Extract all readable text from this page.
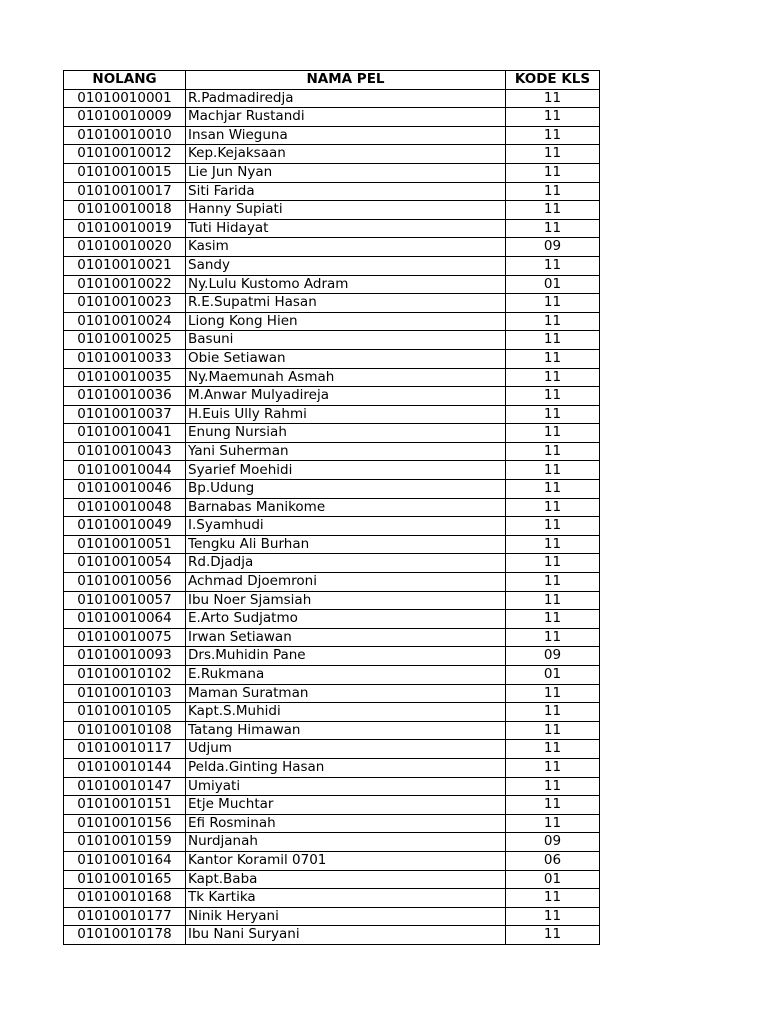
NOLANG	NAMA PEL	KODE KLS
01010010001	R.Padmadiredja	11
01010010009	Machjar Rustandi	11
01010010010	Insan Wieguna	11
01010010012	Kep.Kejaksaan	11
01010010015	Lie Jun Nyan	11
01010010017	Siti Farida	11
01010010018	Hanny Supiati	11
01010010019	Tuti Hidayat	11
01010010020	Kasim	09
01010010021	Sandy	11
01010010022	Ny.Lulu Kustomo Adram	01
01010010023	R.E.Supatmi Hasan	11
01010010024	Liong Kong Hien	11
01010010025	Basuni	11
01010010033	Obie Setiawan	11
01010010035	Ny.Maemunah Asmah	11
01010010036	M.Anwar Mulyadireja	11
01010010037	H.Euis Ully Rahmi	11
01010010041	Enung Nursiah	11
01010010043	Yani Suherman	11
01010010044	Syarief Moehidi	11
01010010046	Bp.Udung	11
01010010048	Barnabas Manikome	11
01010010049	I.Syamhudi	11
01010010051	Tengku Ali Burhan	11
01010010054	Rd.Djadja	11
01010010056	Achmad Djoemroni	11
01010010057	Ibu Noer Sjamsiah	11
01010010064	E.Arto Sudjatmo	11
01010010075	Irwan Setiawan	11
01010010093	Drs.Muhidin Pane	09
01010010102	E.Rukmana	01
01010010103	Maman Suratman	11
01010010105	Kapt.S.Muhidi	11
01010010108	Tatang Himawan	11
01010010117	Udjum	11
01010010144	Pelda.Ginting Hasan	11
01010010147	Umiyati	11
01010010151	Etje Muchtar	11
01010010156	Efi Rosminah	11
01010010159	Nurdjanah	09
01010010164	Kantor Koramil 0701	06
01010010165	Kapt.Baba	01
01010010168	Tk Kartika	11
01010010177	Ninik Heryani	11
01010010178	Ibu Nani Suryani	11
